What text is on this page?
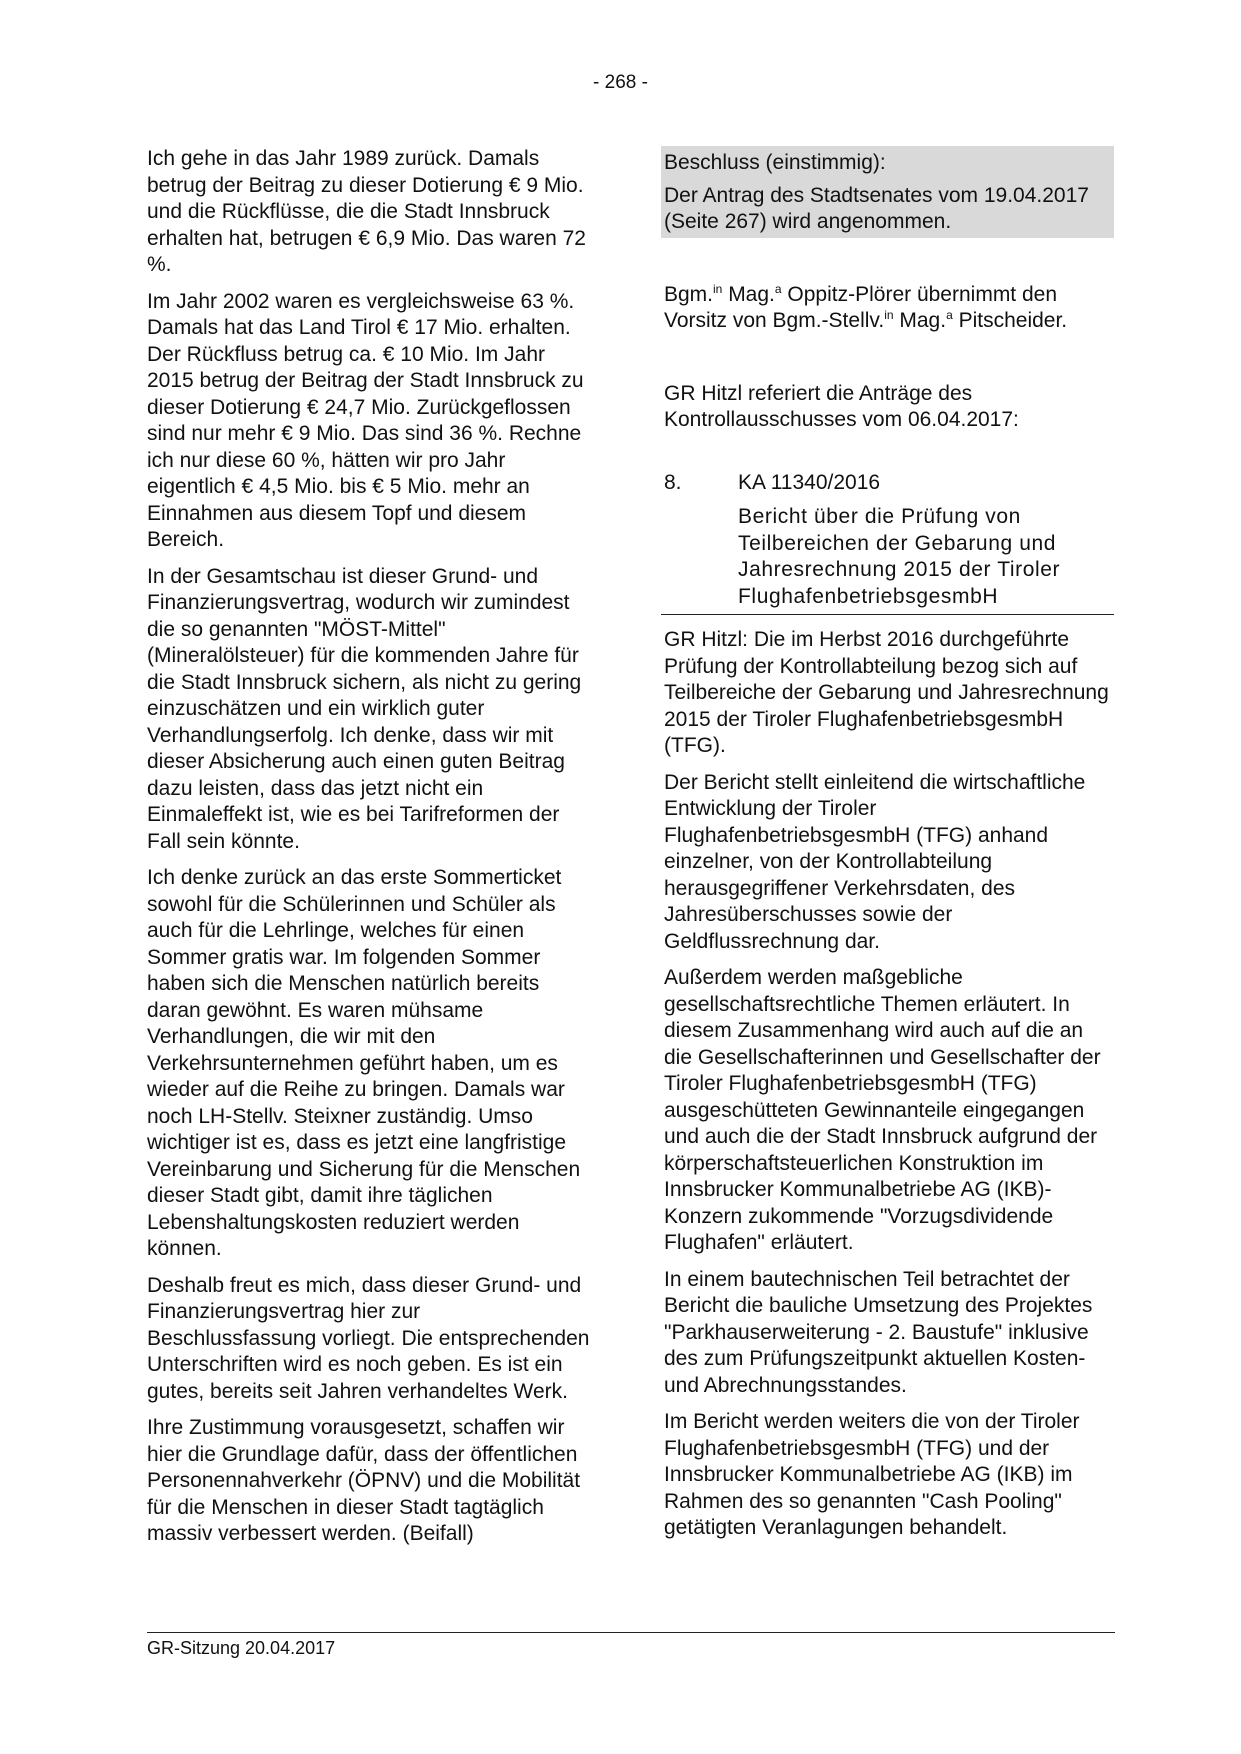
- 268 -

Ich gehe in das Jahr 1989 zurück. Damals betrug der Beitrag zu dieser Dotierung € 9 Mio. und die Rückflüsse, die die Stadt Innsbruck erhalten hat, betrugen € 6,9 Mio. Das waren 72 %.

Im Jahr 2002 waren es vergleichsweise 63 %. Damals hat das Land Tirol € 17 Mio. erhalten. Der Rückfluss betrug ca. € 10 Mio. Im Jahr 2015 betrug der Beitrag der Stadt Innsbruck zu dieser Dotierung € 24,7 Mio. Zurückgeflossen sind nur mehr € 9 Mio. Das sind 36 %. Rechne ich nur diese 60 %, hätten wir pro Jahr eigentlich € 4,5 Mio. bis € 5 Mio. mehr an Einnahmen aus diesem Topf und diesem Bereich.

In der Gesamtschau ist dieser Grund- und Finanzierungsvertrag, wodurch wir zumindest die so genannten "MÖST-Mittel" (Mineralölsteuer) für die kommenden Jahre für die Stadt Innsbruck sichern, als nicht zu gering einzuschätzen und ein wirklich guter Verhandlungserfolg. Ich denke, dass wir mit dieser Absicherung auch einen guten Beitrag dazu leisten, dass das jetzt nicht ein Einmaleffekt ist, wie es bei Tarifreformen der Fall sein könnte.

Ich denke zurück an das erste Sommerticket sowohl für die Schülerinnen und Schüler als auch für die Lehrlinge, welches für einen Sommer gratis war. Im folgenden Sommer haben sich die Menschen natürlich bereits daran gewöhnt. Es waren mühsame Verhandlungen, die wir mit den Verkehrsunternehmen geführt haben, um es wieder auf die Reihe zu bringen. Damals war noch LH-Stellv. Steixner zuständig. Umso wichtiger ist es, dass es jetzt eine langfristige Vereinbarung und Sicherung für die Menschen dieser Stadt gibt, damit ihre täglichen Lebenshaltungskosten reduziert werden können.

Deshalb freut es mich, dass dieser Grund- und Finanzierungsvertrag hier zur Beschlussfassung vorliegt. Die entsprechenden Unterschriften wird es noch geben. Es ist ein gutes, bereits seit Jahren verhandeltes Werk.

Ihre Zustimmung vorausgesetzt, schaffen wir hier die Grundlage dafür, dass der öffentlichen Personennahverkehr (ÖPNV) und die Mobilität für die Menschen in dieser Stadt tagtäglich massiv verbessert werden. (Beifall)

Beschluss (einstimmig):

Der Antrag des Stadtsenates vom 19.04.2017 (Seite 267) wird angenommen.

Bgm.$^{in}$ Mag.$^a$ Oppitz-Plörer übernimmt den Vorsitz von Bgm.-Stellv.$^{in}$ Mag.$^a$ Pitscheider.

GR Hitzl referiert die Anträge des Kontrollausschusses vom 06.04.2017:

8.	KA 11340/2016
Bericht über die Prüfung von Teilbereichen der Gebarung und Jahresrechnung 2015 der Tiroler FlughafenbetriebsgesmbH

GR Hitzl: Die im Herbst 2016 durchgeführte Prüfung der Kontrollabteilung bezog sich auf Teilbereiche der Gebarung und Jahresrechnung 2015 der Tiroler FlughafenbetriebsgesmbH (TFG).

Der Bericht stellt einleitend die wirtschaftliche Entwicklung der Tiroler FlughafenbetriebsgesmbH (TFG) anhand einzelner, von der Kontrollabteilung herausgegriffener Verkehrsdaten, des Jahresüberschusses sowie der Geldflussrechnung dar.

Außerdem werden maßgebliche gesellschaftsrechtliche Themen erläutert. In diesem Zusammenhang wird auch auf die an die Gesellschafterinnen und Gesellschafter der Tiroler FlughafenbetriebsgesmbH (TFG) ausgeschütteten Gewinnanteile eingegangen und auch die der Stadt Innsbruck aufgrund der körperschaftsteuerlichen Konstruktion im Innsbrucker Kommunalbetriebe AG (IKB)-Konzern zukommende "Vorzugsdividende Flughafen" erläutert.

In einem bautechnischen Teil betrachtet der Bericht die bauliche Umsetzung des Projektes "Parkhauserweiterung - 2. Baustufe" inklusive des zum Prüfungszeitpunkt aktuellen Kosten- und Abrechnungsstandes.

Im Bericht werden weiters die von der Tiroler FlughafenbetriebsgesmbH (TFG) und der Innsbrucker Kommunalbetriebe AG (IKB) im Rahmen des so genannten "Cash Pooling" getätigten Veranlagungen behandelt.

GR-Sitzung 20.04.2017
